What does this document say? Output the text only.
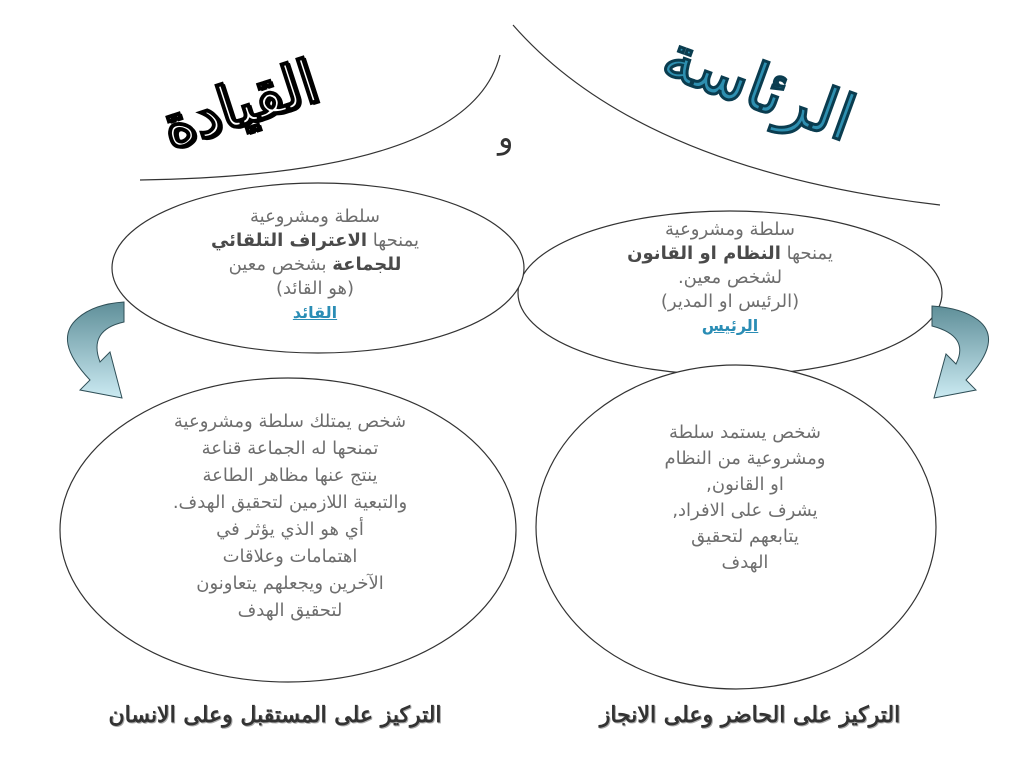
الرئاسة
القيادة	و
سلطة ومشروعية
يمنحها النظام او القانون
لشخص معين.
(الرئيس او المدير)
الرئيس
سلطة ومشروعية
يمنحها الاعتراف التلقائي
للجماعة بشخص معين
(هو القائد)
القائد
شخص يستمد سلطة
ومشروعية من النظام
او القانون,
يشرف على الافراد,
يتابعهم لتحقيق
الهدف
شخص يمتلك سلطة ومشروعية
تمنحها له الجماعة قناعة
ينتج عنها مظاهر الطاعة
والتبعية اللازمين لتحقيق الهدف.
أي هو الذي يؤثر في
اهتمامات وعلاقات
الآخرين ويجعلهم يتعاونون
لتحقيق الهدف
التركيز على الحاضر وعلى الانجاز
التركيز على المستقبل وعلى الانسان
